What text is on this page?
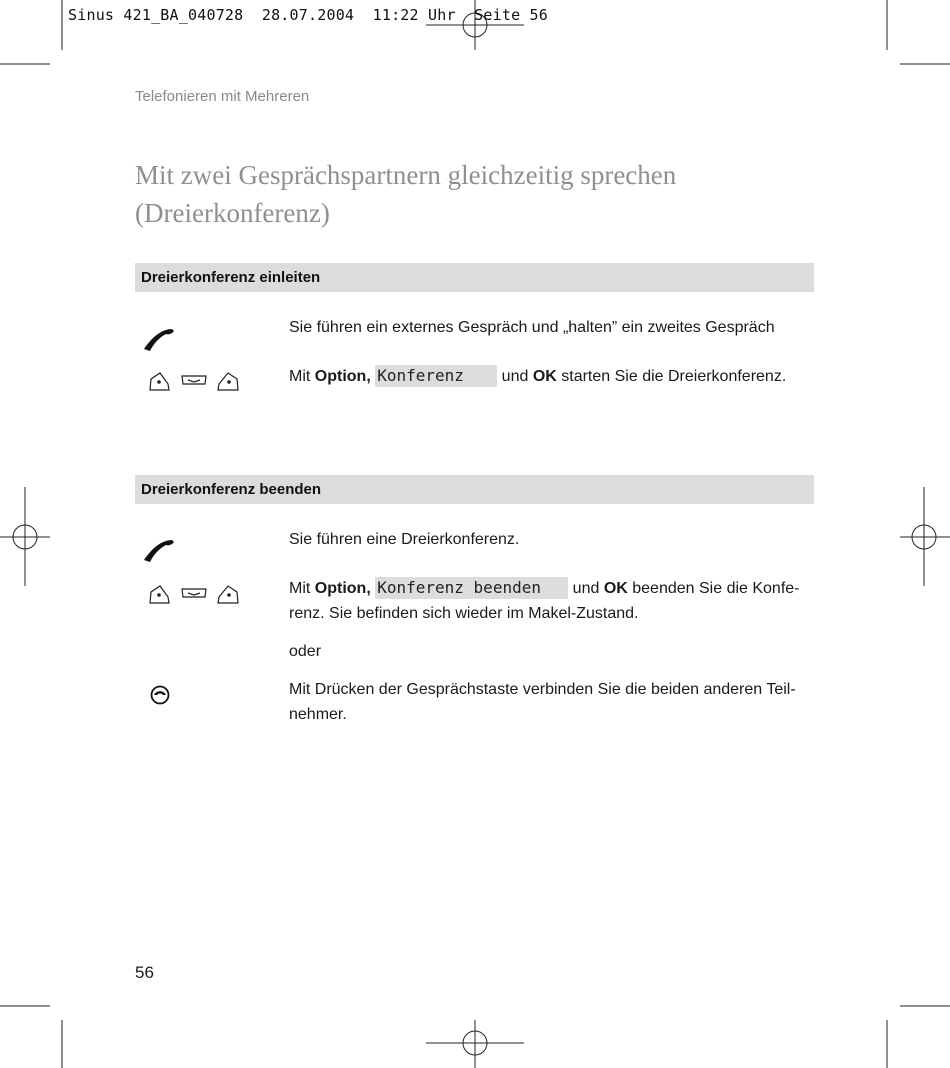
Sinus 421_BA_040728  28.07.2004  11:22 Uhr  Seite 56
Telefonieren mit Mehreren
Mit zwei Gesprächspartnern gleichzeitig sprechen (Dreierkonferenz)
Dreierkonferenz einleiten
Sie führen ein externes Gespräch und „halten” ein zweites Gespräch
Mit Option, Konferenz und OK starten Sie die Dreierkonferenz.
Dreierkonferenz beenden
Sie führen eine Dreierkonferenz.
Mit Option, Konferenz beenden und OK beenden Sie die Konfe-renz. Sie befinden sich wieder im Makel-Zustand.
oder
Mit Drücken der Gesprächstaste verbinden Sie die beiden anderen Teil-nehmer.
56
